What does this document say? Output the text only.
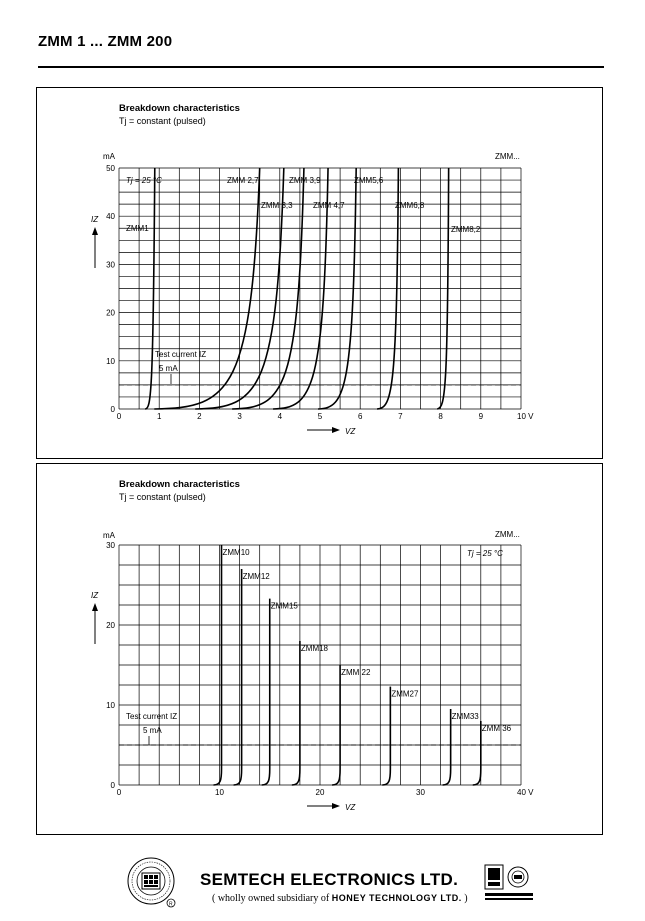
ZMM 1 ... ZMM 200
Breakdown characteristics
Tj = constant (pulsed)
mA	ZMM...
0
10
20
30
40
50
0	1	2	3	4	5	6	7	8	9	10 V
IZ
VZ
Tj = 25 °C
ZMM1
ZMM 2,7
ZMM 3,3
ZMM 3,9
ZMM 4,7
ZMM5,6
ZMM6,8
ZMM8,2
Test current IZ
5 mA
Breakdown characteristics
Tj = constant (pulsed)
mA	ZMM...
0
10
20
30
0	10	20	30	40 V
ZMM10
ZMM12
ZMM15
ZMM18
ZMM 22
ZMM27
ZMM33
ZMM 36
IZ
VZ
Tj = 25 °C
Test current IZ
5 mA
R
SEMTECH ELECTRONICS LTD.
( wholly owned subsidiary of HONEY TECHNOLOGY LTD. )
